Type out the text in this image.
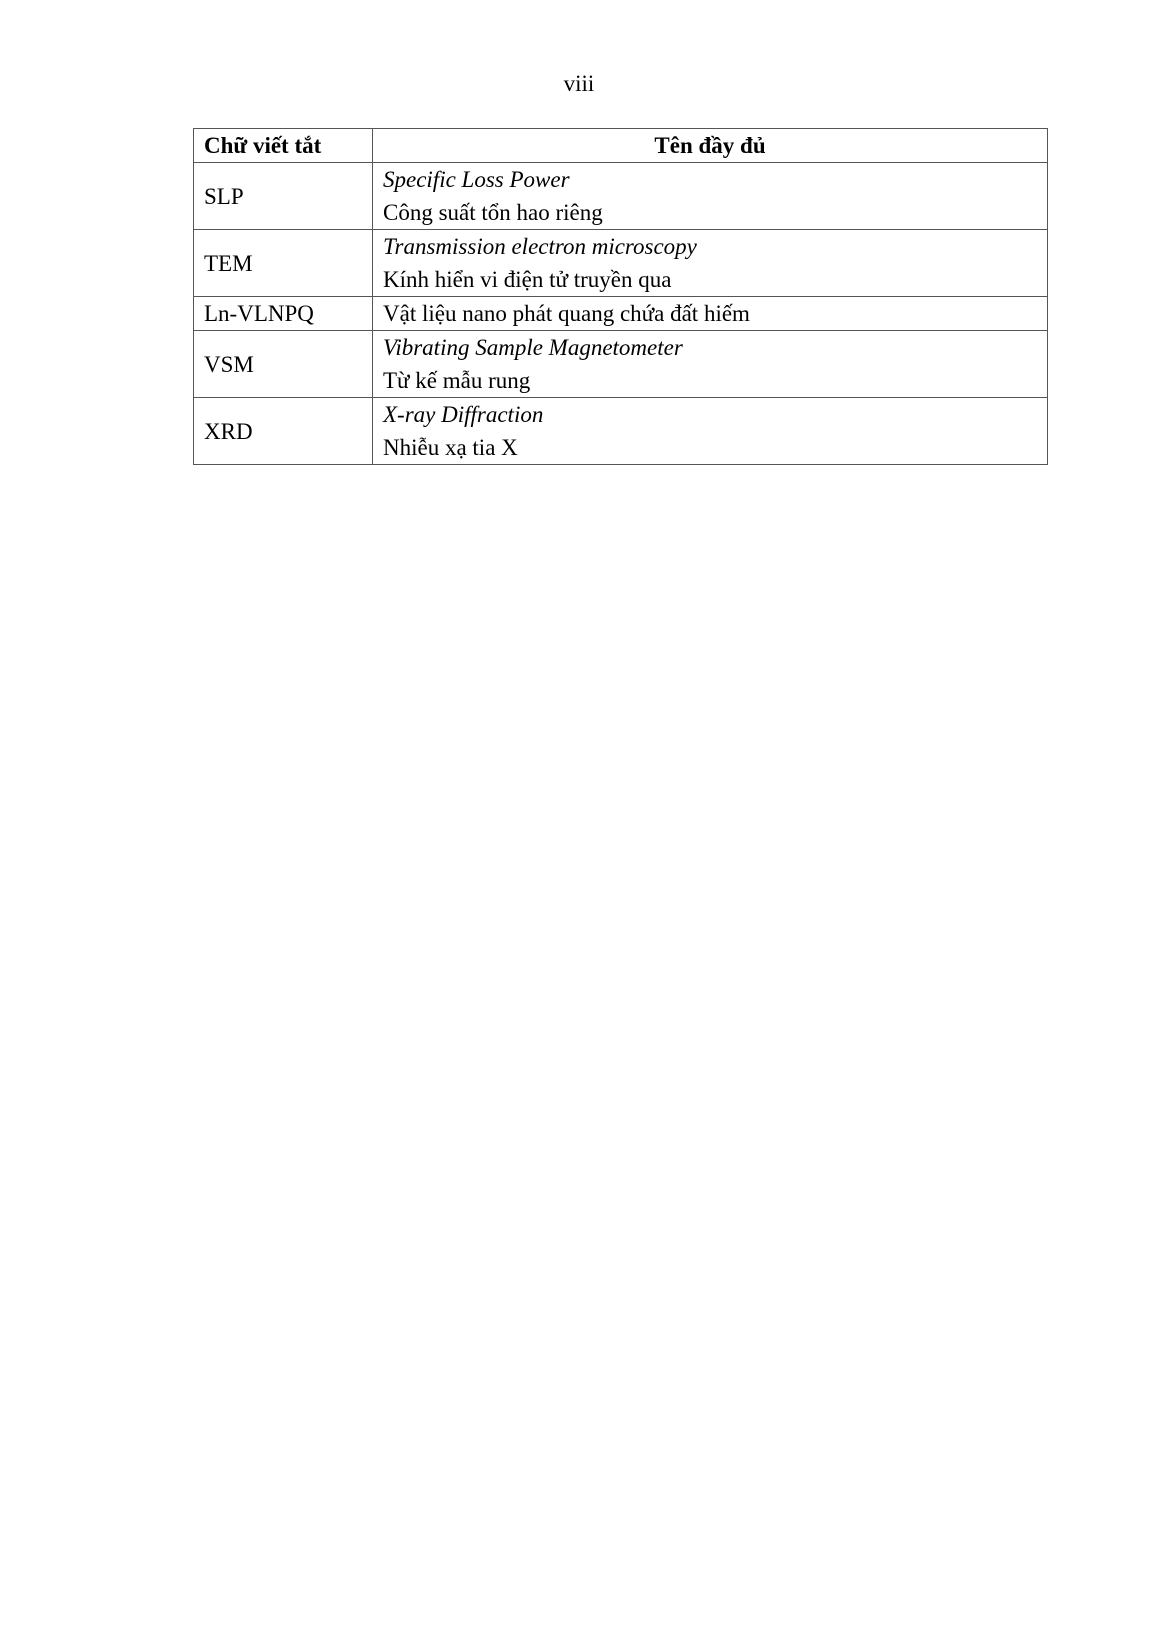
viii
Chữ viết tắt	Tên đầy đủ
SLP	Specific Loss Power
Công suất tổn hao riêng

TEM	Transmission electron microscopy
Kính hiển vi điện tử truyền qua

Ln-VLNPQ	Vật liệu nano phát quang chứa đất hiếm

VSM	Vibrating Sample Magnetometer
Từ kế mẫu rung

XRD	X-ray Diffraction
Nhiễu xạ tia X
